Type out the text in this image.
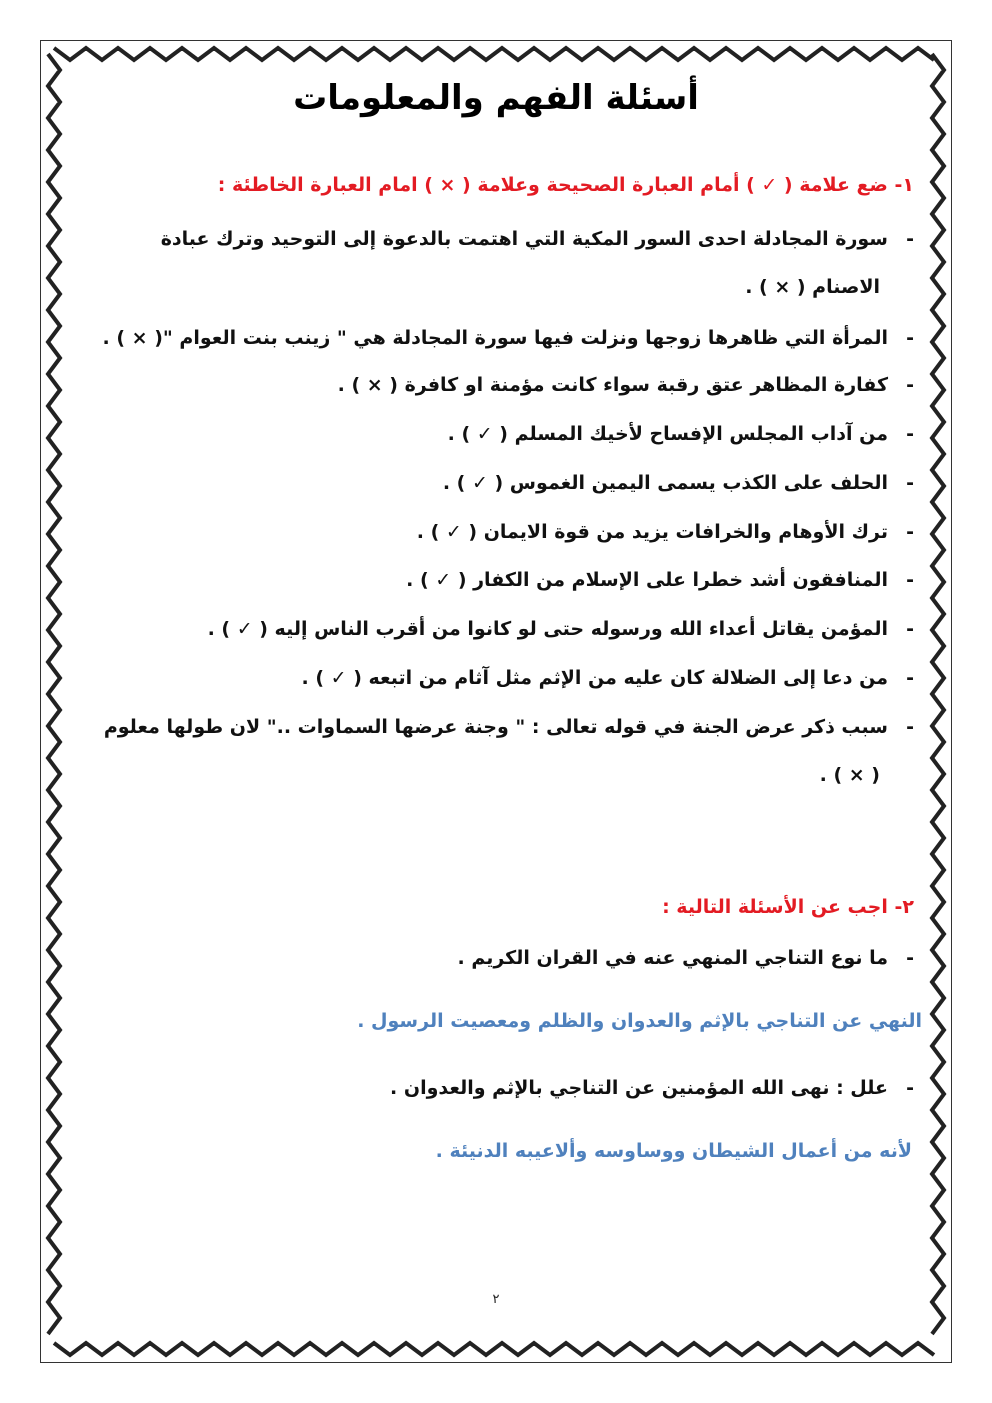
أسئلة الفهم والمعلومات
١- ضع علامة ( ✓ ) أمام العبارة الصحيحة وعلامة ( × ) امام العبارة الخاطئة :
-سورة المجادلة احدى السور المكية التي اهتمت بالدعوة إلى التوحيد وترك عبادة
الاصنام ( × ) .
-المرأة التي ظاهرها زوجها ونزلت فيها سورة المجادلة هي " زينب بنت العوام "( × ) .
-كفارة المظاهر عتق رقبة سواء كانت مؤمنة او كافرة ( × ) .
-من آداب المجلس الإفساح لأخيك المسلم ( ✓ ) .
-الحلف على الكذب يسمى اليمين الغموس ( ✓ ) .
-ترك الأوهام والخرافات يزيد من قوة الايمان ( ✓ ) .
-المنافقون أشد خطرا على الإسلام من الكفار ( ✓ ) .
-المؤمن يقاتل أعداء الله ورسوله حتى لو كانوا من أقرب الناس إليه ( ✓ ) .
-من دعا إلى الضلالة كان عليه من الإثم مثل آثام من اتبعه ( ✓ ) .
-سبب ذكر عرض الجنة في قوله تعالى : " وجنة عرضها السماوات .." لان طولها معلوم
( × ) .
٢- اجب عن الأسئلة التالية :
-ما نوع التناجي المنهي عنه في القران الكريم .
النهي عن التناجي بالإثم والعدوان والظلم ومعصيت الرسول .
-علل : نهى الله المؤمنين عن التناجي بالإثم والعدوان .
لأنه من أعمال الشيطان ووساوسه وألاعيبه الدنيئة .
٢
